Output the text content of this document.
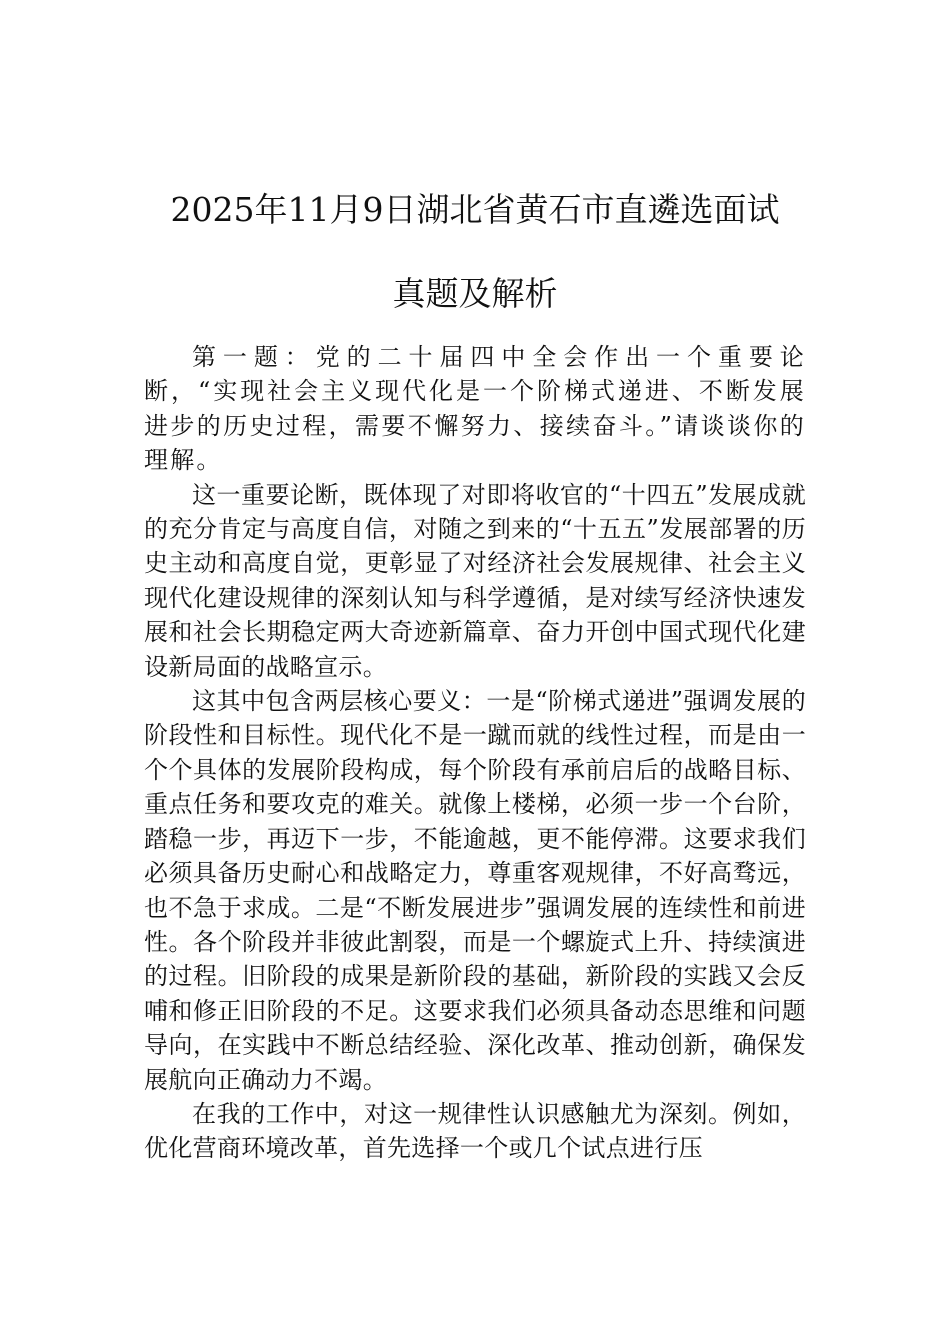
2025年11月9日湖北省黄石市直遴选面试
真题及解析

第一题：党的二十届四中全会作出一个重要论断，“实现社会主义现代化是一个阶梯式递进、不断发展进步的历史过程，需要不懈努力、接续奋斗。”请谈谈你的理解。

这一重要论断，既体现了对即将收官的“十四五”发展成就的充分肯定与高度自信，对随之到来的“十五五”发展部署的历史主动和高度自觉，更彰显了对经济社会发展规律、社会主义现代化建设规律的深刻认知与科学遵循，是对续写经济快速发展和社会长期稳定两大奇迹新篇章、奋力开创中国式现代化建设新局面的战略宣示。

这其中包含两层核心要义：一是“阶梯式递进”强调发展的阶段性和目标性。现代化不是一蹴而就的线性过程，而是由一个个具体的发展阶段构成，每个阶段有承前启后的战略目标、重点任务和要攻克的难关。就像上楼梯，必须一步一个台阶，踏稳一步，再迈下一步，不能逾越，更不能停滞。这要求我们必须具备历史耐心和战略定力，尊重客观规律，不好高骛远，也不急于求成。二是“不断发展进步”强调发展的连续性和前进性。各个阶段并非彼此割裂，而是一个螺旋式上升、持续演进的过程。旧阶段的成果是新阶段的基础，新阶段的实践又会反哺和修正旧阶段的不足。这要求我们必须具备动态思维和问题导向，在实践中不断总结经验、深化改革、推动创新，确保发展航向正确动力不竭。

在我的工作中，对这一规律性认识感触尤为深刻。例如，优化营商环境改革，首先选择一个或几个试点进行压
